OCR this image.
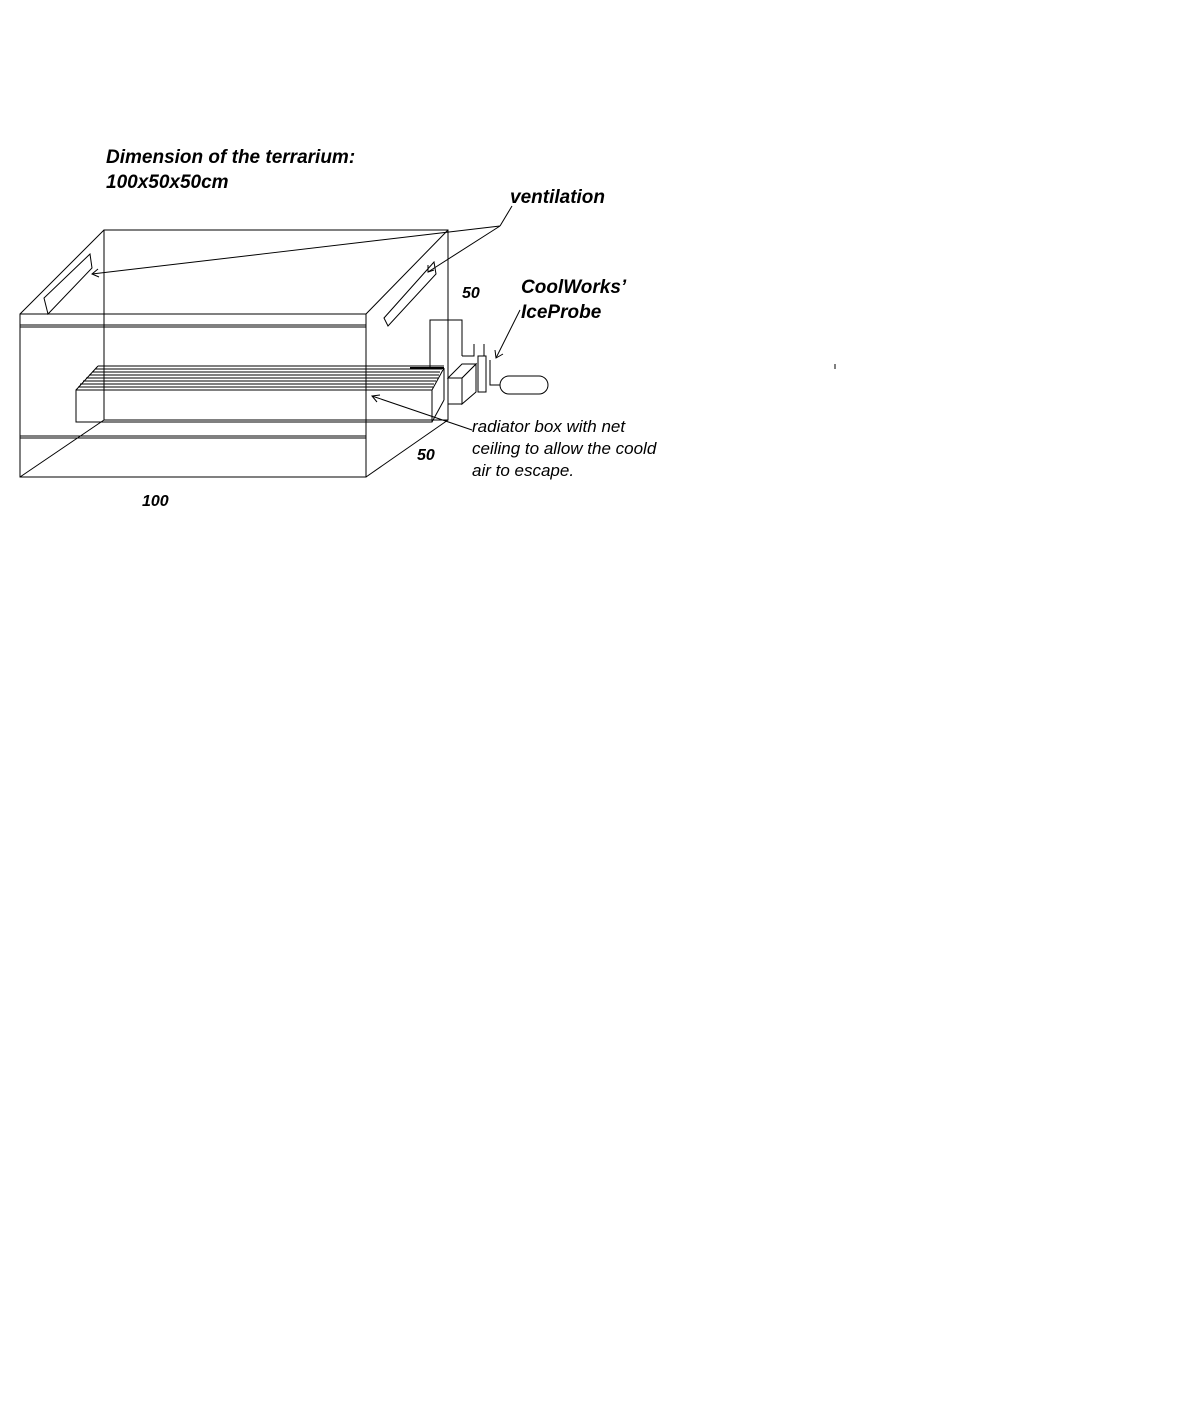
Dimension of the terrarium:
100x50x50cm
ventilation
CoolWorks’
IceProbe
radiator box with net
ceiling to allow the coold
air to escape.
50
50
100
